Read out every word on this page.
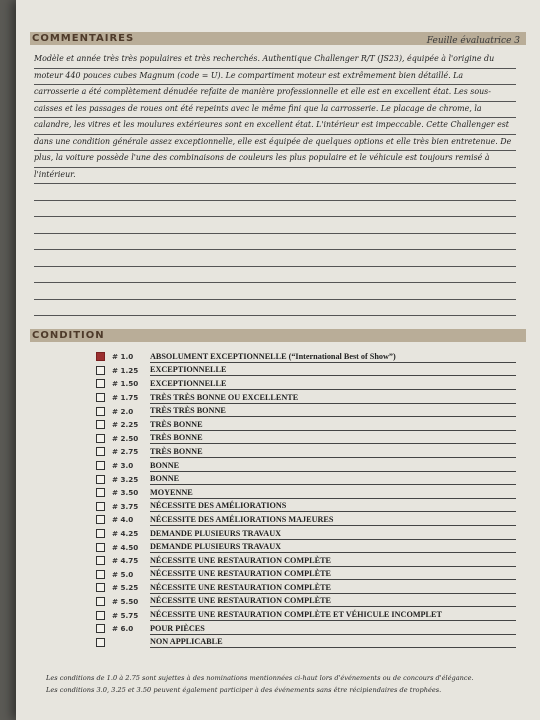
COMMENTAIRES	Feuille évaluatrice 3
Modèle et année très très populaires et très recherchés. Authentique Challenger R/T (JS23), équipée à l'origine du
moteur 440 pouces cubes Magnum (code = U). Le compartiment moteur est extrêmement bien détaillé. La
carrosserie a été complètement dénudée refaite de manière professionnelle et elle est en excellent état. Les sous-
caisses et les passages de roues ont été repeints avec le même fini que la carrosserie. Le placage de chrome, la
calandre, les vitres et les moulures extérieures sont en excellent état. L'intérieur est impeccable. Cette Challenger est
dans une condition générale assez exceptionnelle, elle est équipée de quelques options et elle très bien entretenue. De
plus, la voiture possède l'une des combinaisons de couleurs les plus populaire et le véhicule est toujours remisé à
l'intérieur.
CONDITION
# 1.0	ABSOLUMENT EXCEPTIONNELLE (“International Best of Show”)
# 1.25	EXCEPTIONNELLE
# 1.50	EXCEPTIONNELLE
# 1.75	TRÈS TRÈS BONNE OU EXCELLENTE
# 2.0	TRÈS TRÈS BONNE
# 2.25	TRÈS BONNE
# 2.50	TRÈS BONNE
# 2.75	TRÈS BONNE
# 3.0	BONNE
# 3.25	BONNE
# 3.50	MOYENNE
# 3.75	NÉCESSITE DES AMÉLIORATIONS
# 4.0	NÉCESSITE DES AMÉLIORATIONS MAJEURES
# 4.25	DEMANDE PLUSIEURS TRAVAUX
# 4.50	DEMANDE PLUSIEURS TRAVAUX
# 4.75	NÉCESSITE UNE RESTAURATION COMPLÈTE
# 5.0	NÉCESSITE UNE RESTAURATION COMPLÈTE
# 5.25	NÉCESSITE UNE RESTAURATION COMPLÈTE
# 5.50	NÉCESSITE UNE RESTAURATION COMPLÈTE
# 5.75	NÉCESSITE UNE RESTAURATION COMPLÈTE ET VÉHICULE INCOMPLET
# 6.0	POUR PIÈCES
NON APPLICABLE
Les conditions de 1.0 à 2.75 sont sujettes à des nominations mentionnées ci-haut lors d'événements ou de concours d'élégance.
Les conditions 3.0, 3.25 et 3.50 peuvent également participer à des événements sans être récipiendaires de trophées.
